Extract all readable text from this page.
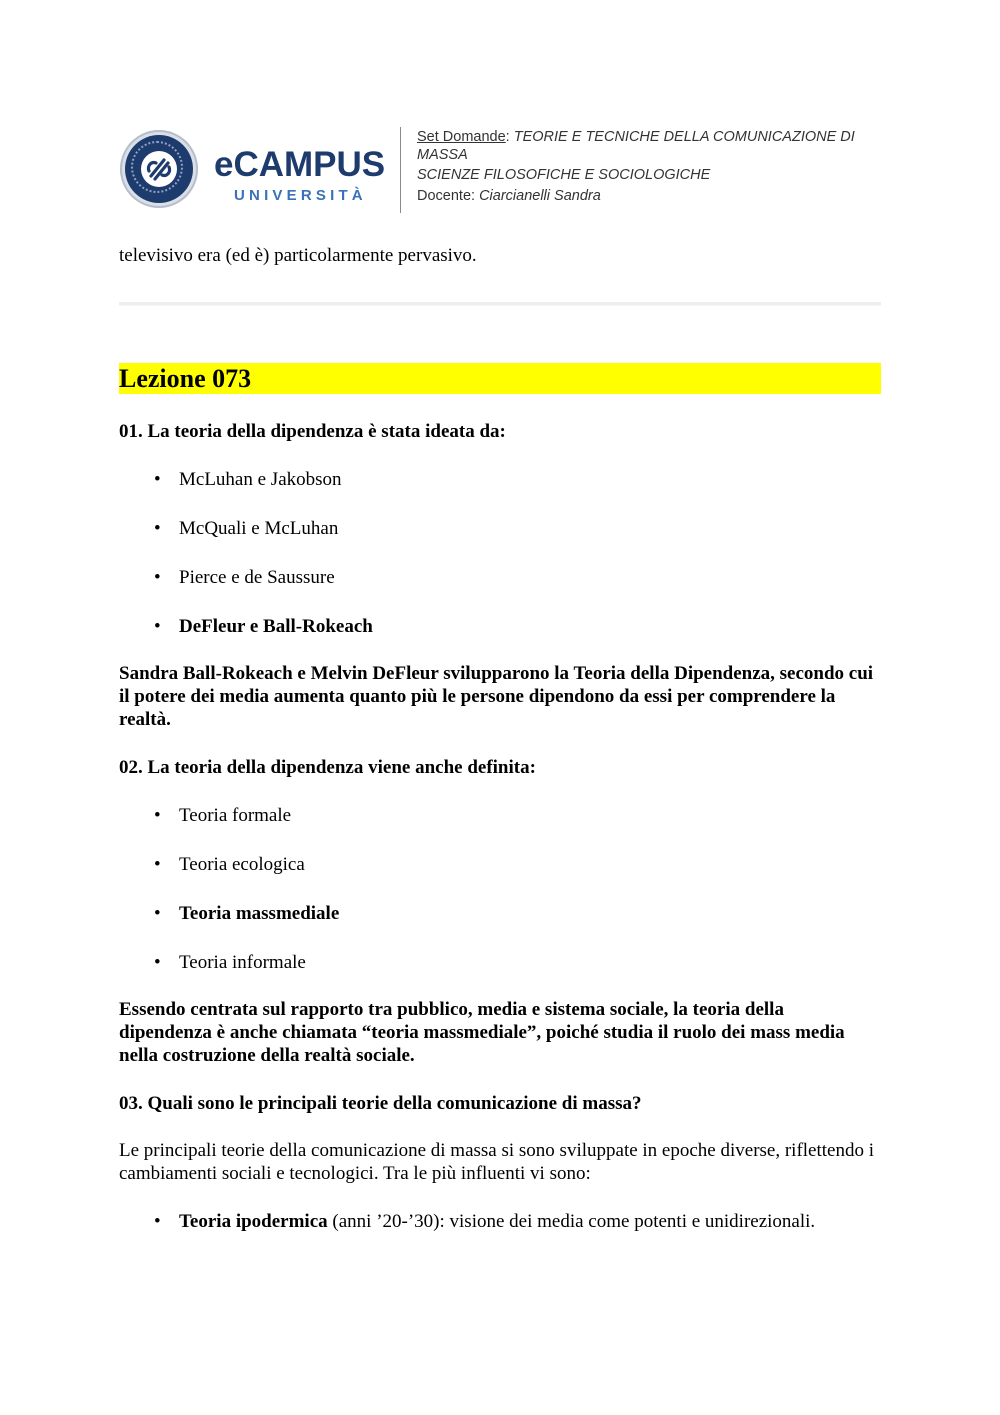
eCAMPUS
UNIVERSITÀ
Set Domande: TEORIE E TECNICHE DELLA COMUNICAZIONE DI MASSA
SCIENZE FILOSOFICHE E SOCIOLOGICHE
Docente: Ciarcianelli Sandra

televisivo era (ed è) particolarmente pervasivo.

Lezione 073
01. La teoria della dipendenza è stata ideata da:
• McLuhan e Jakobson
• McQuali e McLuhan
• Pierce e de Saussure
• DeFleur e Ball-Rokeach
Sandra Ball-Rokeach e Melvin DeFleur svilupparono la Teoria della Dipendenza, secondo cui il potere dei media aumenta quanto più le persone dipendono da essi per comprendere la realtà.
02. La teoria della dipendenza viene anche definita:
• Teoria formale
• Teoria ecologica
• Teoria massmediale
• Teoria informale
Essendo centrata sul rapporto tra pubblico, media e sistema sociale, la teoria della dipendenza è anche chiamata “teoria massmediale”, poiché studia il ruolo dei mass media nella costruzione della realtà sociale.
03. Quali sono le principali teorie della comunicazione di massa?
Le principali teorie della comunicazione di massa si sono sviluppate in epoche diverse, riflettendo i cambiamenti sociali e tecnologici. Tra le più influenti vi sono:
• Teoria ipodermica (anni ’20-’30): visione dei media come potenti e unidirezionali.
